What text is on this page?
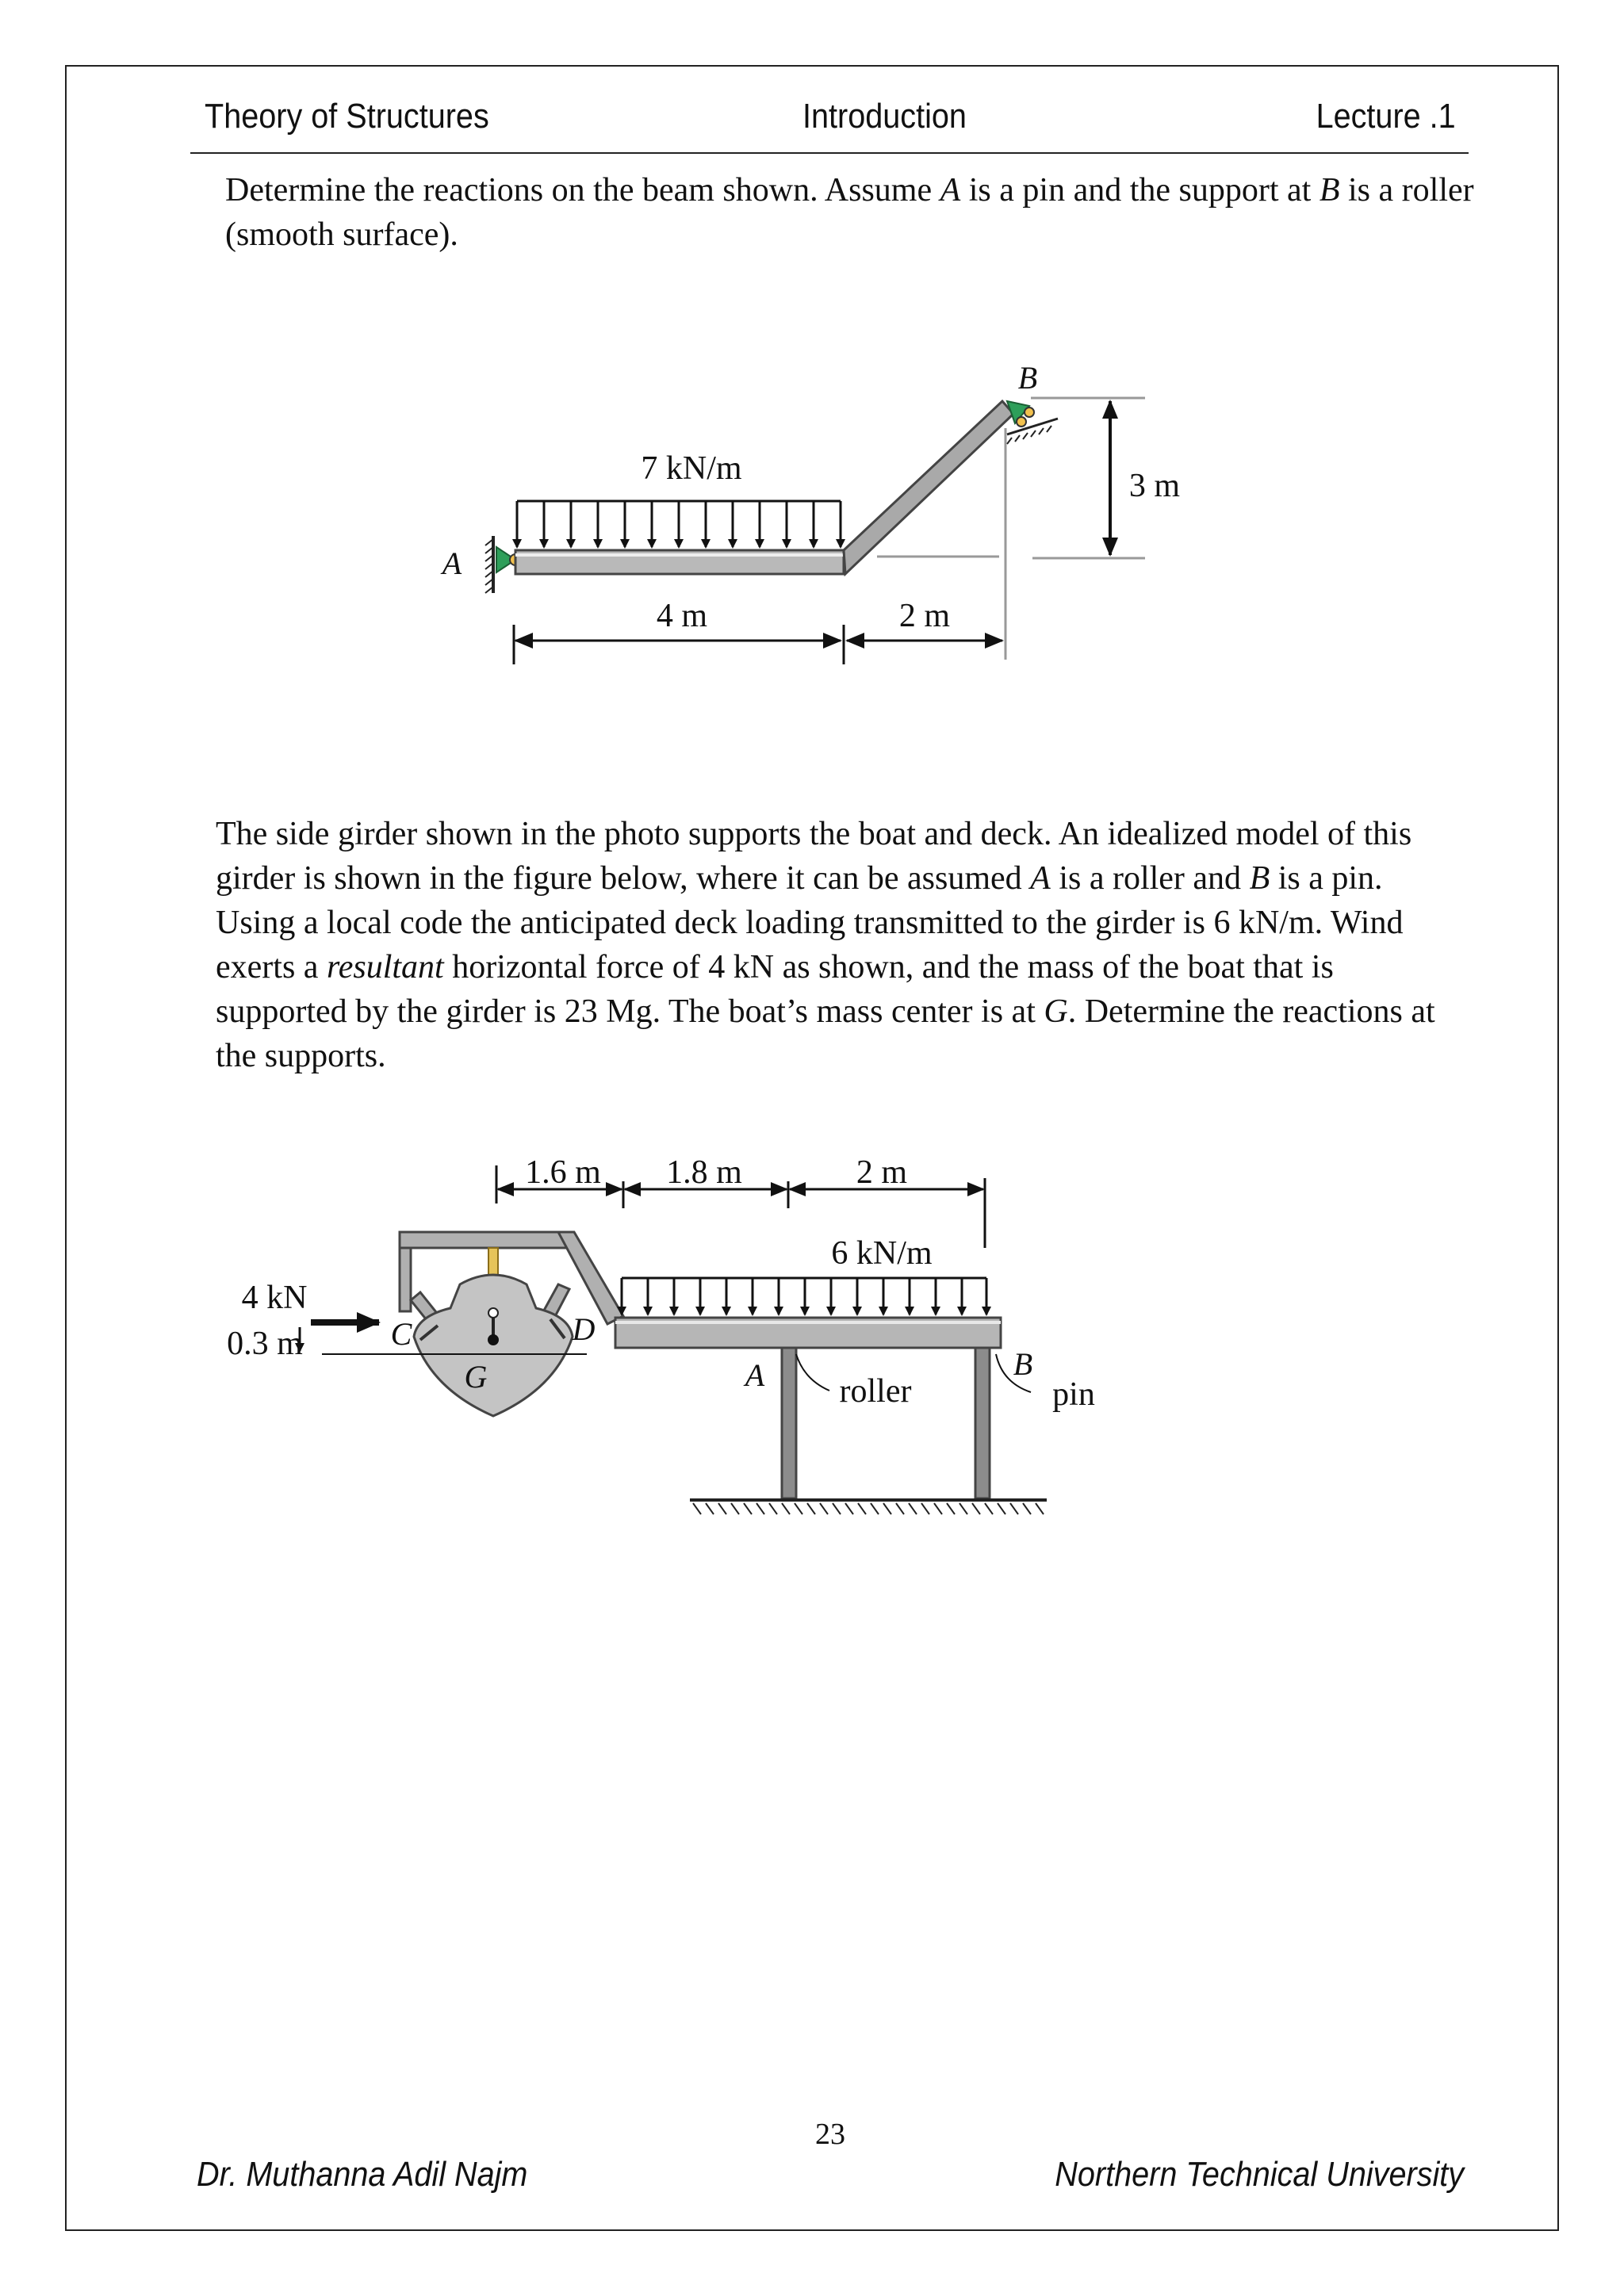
Theory of Structures	Introduction	Lecture .1

Determine the reactions on the beam shown. Assume A is a pin and the support at B is a roller (smooth surface).

7 kN/m
A
B
3 m
4 m	2 m

The side girder shown in the photo supports the boat and deck. An idealized model of this girder is shown in the figure below, where it can be assumed A is a roller and B is a pin. Using a local code the anticipated deck loading transmitted to the girder is 6 kN/m. Wind exerts a resultant horizontal force of 4 kN as shown, and the mass of the boat that is supported by the girder is 23 Mg. The boat’s mass center is at G. Determine the reactions at the supports.

1.6 m 1.8 m	2 m
6 kN/m
4 kN
0.3 m	C	D
G	A	B
roller	pin
23
Dr. Muthanna Adil Najm	Northern Technical University
